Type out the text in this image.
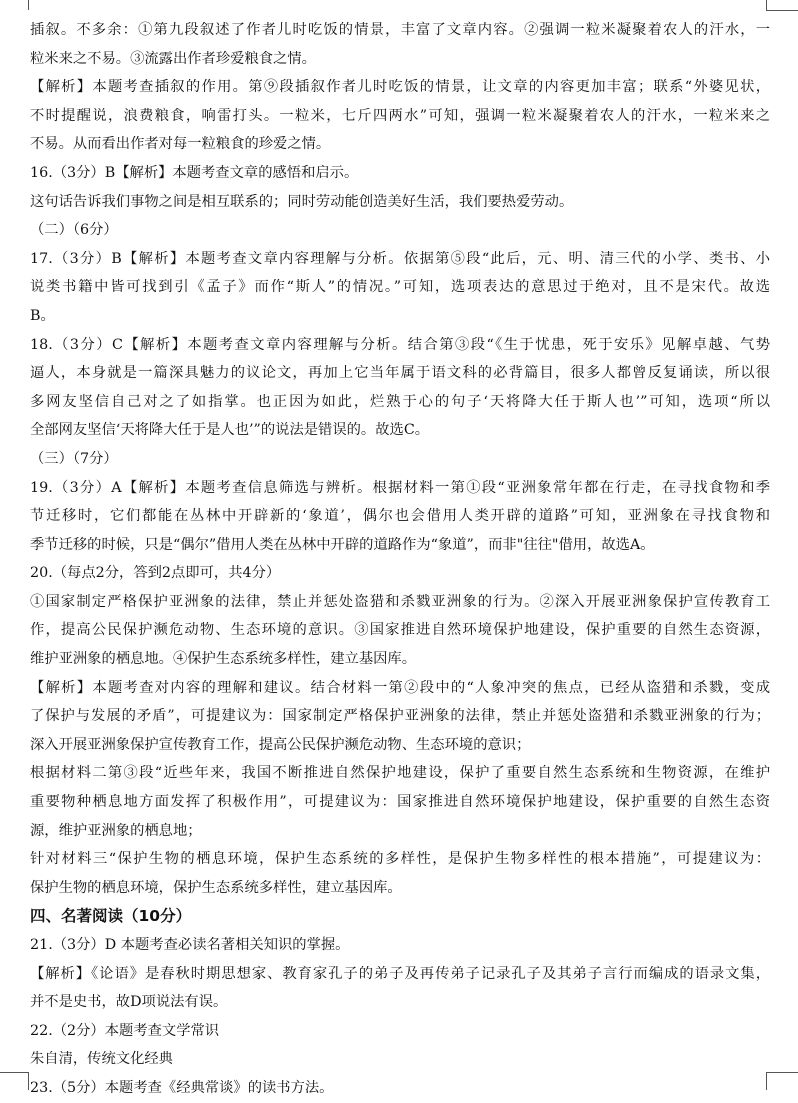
插叙。不多余：①第九段叙述了作者儿时吃饭的情景，丰富了文章内容。②强调一粒米凝聚着农人的汗水，一
粒米来之不易。③流露出作者珍爱粮食之情。
【解析】本题考查插叙的作用。第⑨段插叙作者儿时吃饭的情景，让文章的内容更加丰富；联系“外婆见状，
不时提醒说，浪费粮食，响雷打头。一粒米，七斤四两水”可知，强调一粒米凝聚着农人的汗水，一粒米来之
不易。从而看出作者对每一粒粮食的珍爱之情。
16.（3分）B【解析】本题考查文章的感悟和启示。
这句话告诉我们事物之间是相互联系的；同时劳动能创造美好生活，我们要热爱劳动。
（二）（6分）
17.（3分）B【解析】本题考查文章内容理解与分析。依据第⑤段“此后，元、明、清三代的小学、类书、小
说类书籍中皆可找到引《孟子》而作“斯人”的情况。”可知，选项表达的意思过于绝对，且不是宋代。故选
B。
18.（3分）C【解析】本题考查文章内容理解与分析。结合第③段“《生于忧患，死于安乐》见解卓越、气势
逼人，本身就是一篇深具魅力的议论文，再加上它当年属于语文科的必背篇目，很多人都曾反复诵读，所以很
多网友坚信自己对之了如指掌。也正因为如此，烂熟于心的句子‘天将降大任于斯人也’”可知，选项“所以
全部网友坚信‘天将降大任于是人也’”的说法是错误的。故选C。
（三）（7分）
19.（3分）A【解析】本题考查信息筛选与辨析。根据材料一第①段“亚洲象常年都在行走，在寻找食物和季
节迁移时，它们都能在丛林中开辟新的‘象道’，偶尔也会借用人类开辟的道路”可知，亚洲象在寻找食物和
季节迁移的时候，只是“偶尔”借用人类在丛林中开辟的道路作为“象道”，而非"往往"借用，故选A。
20.（每点2分，答到2点即可，共4分）
①国家制定严格保护亚洲象的法律，禁止并惩处盗猎和杀戮亚洲象的行为。②深入开展亚洲象保护宣传教育工
作，提高公民保护濒危动物、生态环境的意识。③国家推进自然环境保护地建设，保护重要的自然生态资源，
维护亚洲象的栖息地。④保护生态系统多样性，建立基因库。
【解析】本题考查对内容的理解和建议。结合材料一第②段中的“人象冲突的焦点，已经从盗猎和杀戮，变成
了保护与发展的矛盾”，可提建议为：国家制定严格保护亚洲象的法律，禁止并惩处盗猎和杀戮亚洲象的行为；
深入开展亚洲象保护宣传教育工作，提高公民保护濒危动物、生态环境的意识；
根据材料二第③段“近些年来，我国不断推进自然保护地建设，保护了重要自然生态系统和生物资源，在维护
重要物种栖息地方面发挥了积极作用”，可提建议为：国家推进自然环境保护地建设，保护重要的自然生态资
源，维护亚洲象的栖息地；
针对材料三“保护生物的栖息环境，保护生态系统的多样性，是保护生物多样性的根本措施”，可提建议为：
保护生物的栖息环境，保护生态系统多样性，建立基因库。
四、名著阅读（10分）
21.（3分）D 本题考查必读名著相关知识的掌握。
【解析】《论语》是春秋时期思想家、教育家孔子的弟子及再传弟子记录孔子及其弟子言行而编成的语录文集，
并不是史书，故D项说法有误。
22.（2分）本题考查文学常识
朱自清，传统文化经典
23.（5分）本题考查《经典常谈》的读书方法。
